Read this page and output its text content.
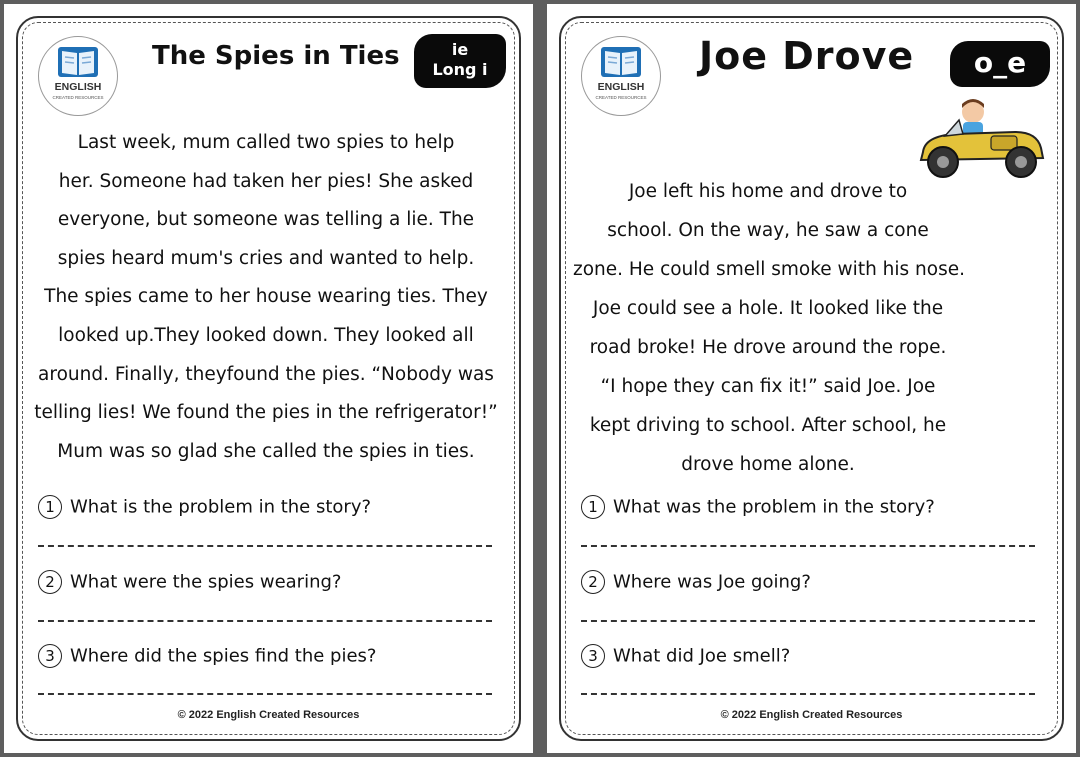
ENGLISH
CREATED RESOURCES
The Spies in Ties	ie
Long i
Last week, mum called two spies to help
her. Someone had taken her pies! She asked
everyone, but someone was telling a lie. The
spies heard mum's cries and wanted to help.
The spies came to her house wearing ties. They
looked up.They looked down. They looked all
around. Finally, theyfound the pies. “Nobody was
telling lies! We found the pies in the refrigerator!”
Mum was so glad she called the spies in ties.
1 What is the problem in the story?
2 What were the spies wearing?
3 Where did the spies find the pies?
© 2022 English Created Resources
ENGLISH
CREATED RESOURCES
Joe Drove	o_e
Joe left his home and drove to
school. On the way, he saw a cone
zone. He could smell smoke with his nose.
Joe could see a hole. It looked like the
road broke! He drove around the rope.
“I hope they can fix it!” said Joe. Joe
kept driving to school. After school, he
drove home alone.
1 What was the problem in the story?
2 Where was Joe going?
3 What did Joe smell?
© 2022 English Created Resources
